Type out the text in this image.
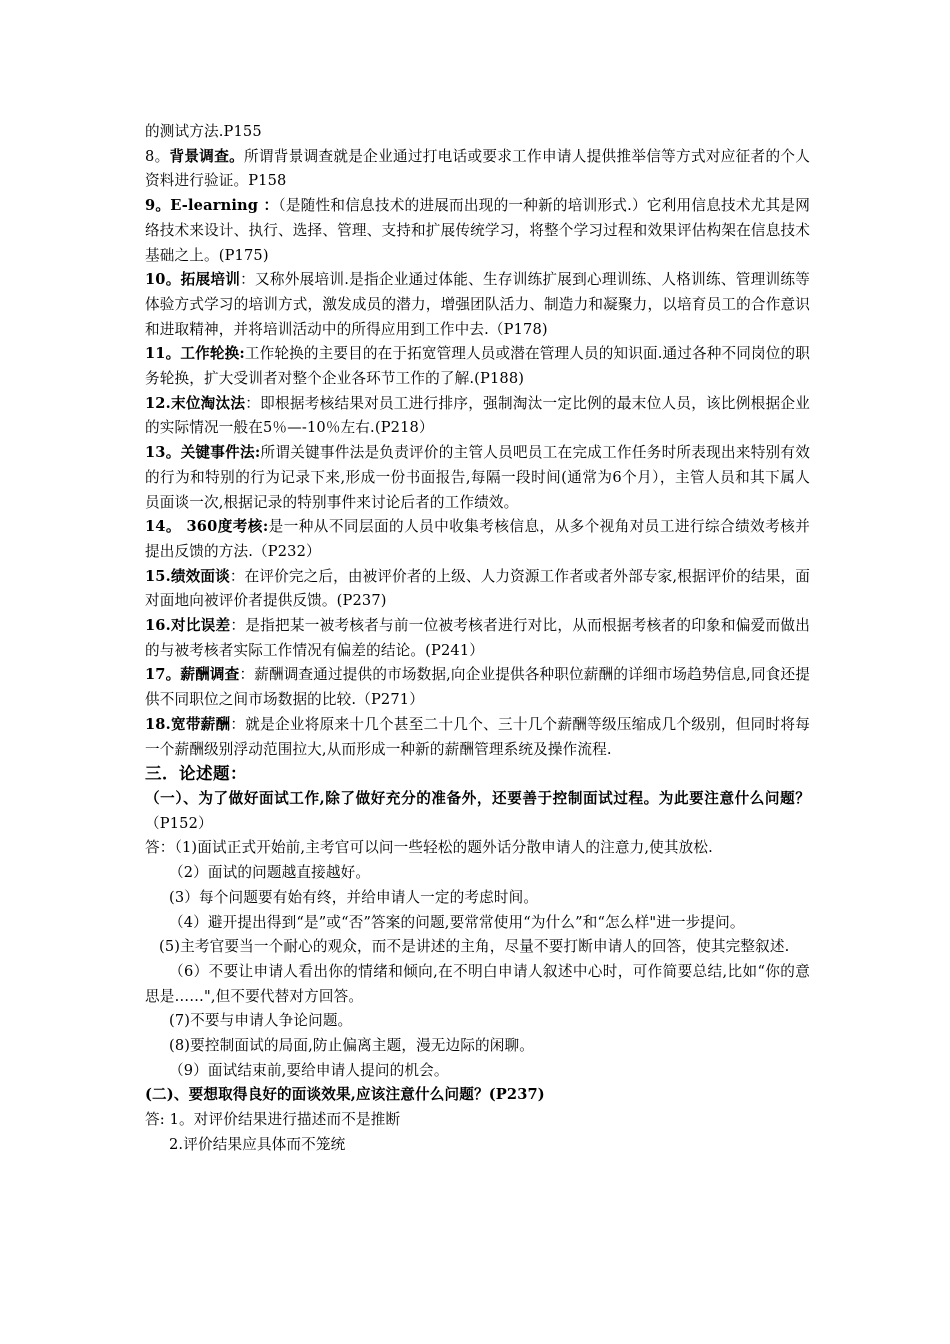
的测试方法.P155

8。背景调查。所谓背景调查就是企业通过打电话或要求工作申请人提供推举信等方式对应征者的个人资料进行验证。P158

9。E-learning ：（是随性和信息技术的进展而出现的一种新的培训形式.）它利用信息技术尤其是网络技术来设计、执行、选择、管理、支持和扩展传统学习，将整个学习过程和效果评估构架在信息技术基础之上。(P175)

10。拓展培训：又称外展培训.是指企业通过体能、生存训练扩展到心理训练、人格训练、管理训练等体验方式学习的培训方式，激发成员的潜力，增强团队活力、制造力和凝聚力，以培育员工的合作意识和进取精神，并将培训活动中的所得应用到工作中去.（P178)

11。工作轮换:工作轮换的主要目的在于拓宽管理人员或潜在管理人员的知识面.通过各种不同岗位的职务轮换，扩大受训者对整个企业各环节工作的了解.(P188)

12.末位淘汰法：即根据考核结果对员工进行排序，强制淘汰一定比例的最末位人员，该比例根据企业的实际情况一般在5％—-10％左右.(P218）

13。关键事件法:所谓关键事件法是负责评价的主管人员吧员工在完成工作任务时所表现出来特别有效的行为和特别的行为记录下来,形成一份书面报告,每隔一段时间(通常为6个月），主管人员和其下属人员面谈一次,根据记录的特别事件来讨论后者的工作绩效。

14。 360度考核:是一种从不同层面的人员中收集考核信息，从多个视角对员工进行综合绩效考核并提出反馈的方法.（P232）

15.绩效面谈：在评价完之后，由被评价者的上级、人力资源工作者或者外部专家,根据评价的结果，面对面地向被评价者提供反馈。(P237)

16.对比误差：是指把某一被考核者与前一位被考核者进行对比，从而根据考核者的印象和偏爱而做出的与被考核者实际工作情况有偏差的结论。(P241）

17。薪酬调查：薪酬调查通过提供的市场数据,向企业提供各种职位薪酬的详细市场趋势信息,同食还提供不同职位之间市场数据的比较.（P271）

18.宽带薪酬：就是企业将原来十几个甚至二十几个、三十几个薪酬等级压缩成几个级别，但同时将每一个薪酬级别浮动范围拉大,从而形成一种新的薪酬管理系统及操作流程.

三．论述题：

（一）、为了做好面试工作,除了做好充分的准备外，还要善于控制面试过程。为此要注意什么问题？（P152）

答：（1)面试正式开始前,主考官可以问一些轻松的题外话分散申请人的注意力,使其放松.

（2）面试的问题越直接越好。

(3）每个问题要有始有终，并给申请人一定的考虑时间。

（4）避开提出得到“是”或“否”答案的问题,要常常使用“为什么”和“怎么样"进一步提问。

(5)主考官要当一个耐心的观众，而不是讲述的主角，尽量不要打断申请人的回答，使其完整叙述.

（6）不要让申请人看出你的情绪和倾向,在不明白申请人叙述中心时，可作简要总结,比如“你的意思是……",但不要代替对方回答。

(7)不要与申请人争论问题。

(8)要控制面试的局面,防止偏离主题，漫无边际的闲聊。

（9）面试结束前,要给申请人提问的机会。

(二)、要想取得良好的面谈效果,应该注意什么问题？(P237)

答: 1。对评价结果进行描述而不是推断

2.评价结果应具体而不笼统
